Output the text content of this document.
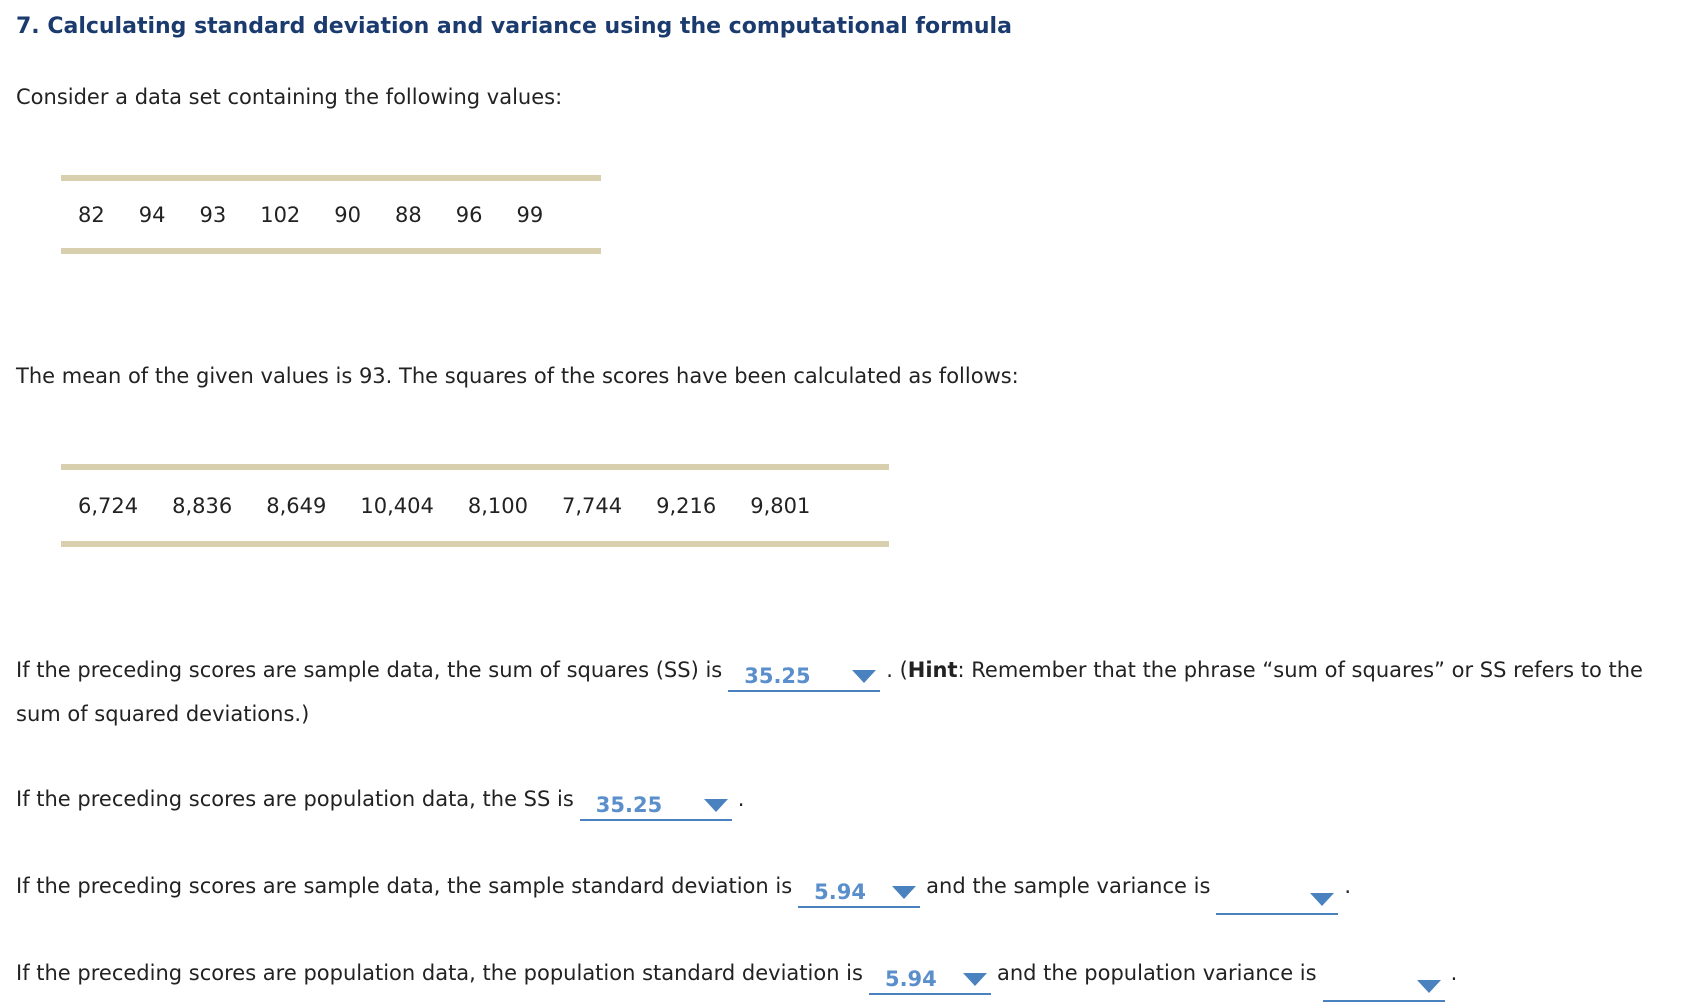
7. Calculating standard deviation and variance using the computational formula

Consider a data set containing the following values:

82	94	93	102	90	88	96	99

The mean of the given values is 93. The squares of the scores have been calculated as follows:

6,724	8,836	8,649	10,404	8,100	7,744	9,216	9,801

If the preceding scores are sample data, the sum of squares (SS) is 35.25	. (Hint: Remember that the phrase “sum of squares” or SS refers to the sum of squared deviations.)

If the preceding scores are population data, the SS is 35.25	.

If the preceding scores are sample data, the sample standard deviation is 5.94	and the sample variance is	.

If the preceding scores are population data, the population standard deviation is 5.94	and the population variance is	.
